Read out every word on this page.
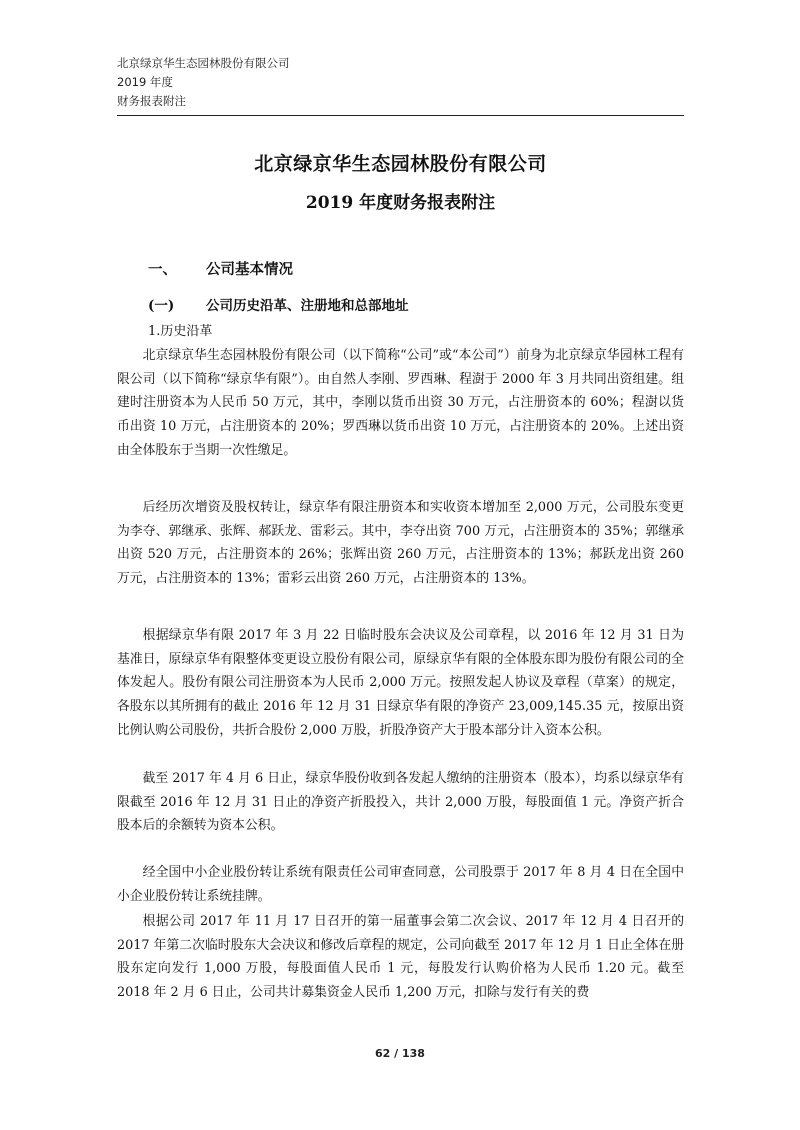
北京绿京华生态园林股份有限公司
2019 年度
财务报表附注
北京绿京华生态园林股份有限公司
2019 年度财务报表附注
一、 公司基本情况
(一) 公司历史沿革、注册地和总部地址
1.历史沿革

北京绿京华生态园林股份有限公司（以下简称“公司”或“本公司”）前身为北京绿京华园林工程有限公司（以下简称“绿京华有限”）。由自然人李刚、罗西琳、程澍于 2000 年 3 月共同出资组建。组建时注册资本为人民币 50 万元，其中，李刚以货币出资 30 万元，占注册资本的 60%；程澍以货币出资 10 万元，占注册资本的 20%；罗西琳以货币出资 10 万元，占注册资本的 20%。上述出资由全体股东于当期一次性缴足。

后经历次增资及股权转让，绿京华有限注册资本和实收资本增加至 2,000 万元，公司股东变更为李夺、郭继承、张辉、郝跃龙、雷彩云。其中，李夺出资 700 万元，占注册资本的 35%；郭继承出资 520 万元，占注册资本的 26%；张辉出资 260 万元，占注册资本的 13%；郝跃龙出资 260 万元，占注册资本的 13%；雷彩云出资 260 万元，占注册资本的 13%。

根据绿京华有限 2017 年 3 月 22 日临时股东会决议及公司章程，以 2016 年 12 月 31 日为基准日，原绿京华有限整体变更设立股份有限公司，原绿京华有限的全体股东即为股份有限公司的全体发起人。股份有限公司注册资本为人民币 2,000 万元。按照发起人协议及章程（草案）的规定，各股东以其所拥有的截止 2016 年 12 月 31 日绿京华有限的净资产 23,009,145.35 元，按原出资比例认购公司股份，共折合股份 2,000 万股，折股净资产大于股本部分计入资本公积。

截至 2017 年 4 月 6 日止，绿京华股份收到各发起人缴纳的注册资本（股本），均系以绿京华有限截至 2016 年 12 月 31 日止的净资产折股投入，共计 2,000 万股，每股面值 1 元。净资产折合股本后的余额转为资本公积。

经全国中小企业股份转让系统有限责任公司审查同意，公司股票于 2017 年 8 月 4 日在全国中小企业股份转让系统挂牌。

根据公司 2017 年 11 月 17 日召开的第一届董事会第二次会议、2017 年 12 月 4 日召开的 2017 年第二次临时股东大会决议和修改后章程的规定，公司向截至 2017 年 12 月 1 日止全体在册股东定向发行 1,000 万股，每股面值人民币 1 元，每股发行认购价格为人民币 1.20 元。截至 2018 年 2 月 6 日止，公司共计募集资金人民币 1,200 万元，扣除与发行有关的费

62 / 138
